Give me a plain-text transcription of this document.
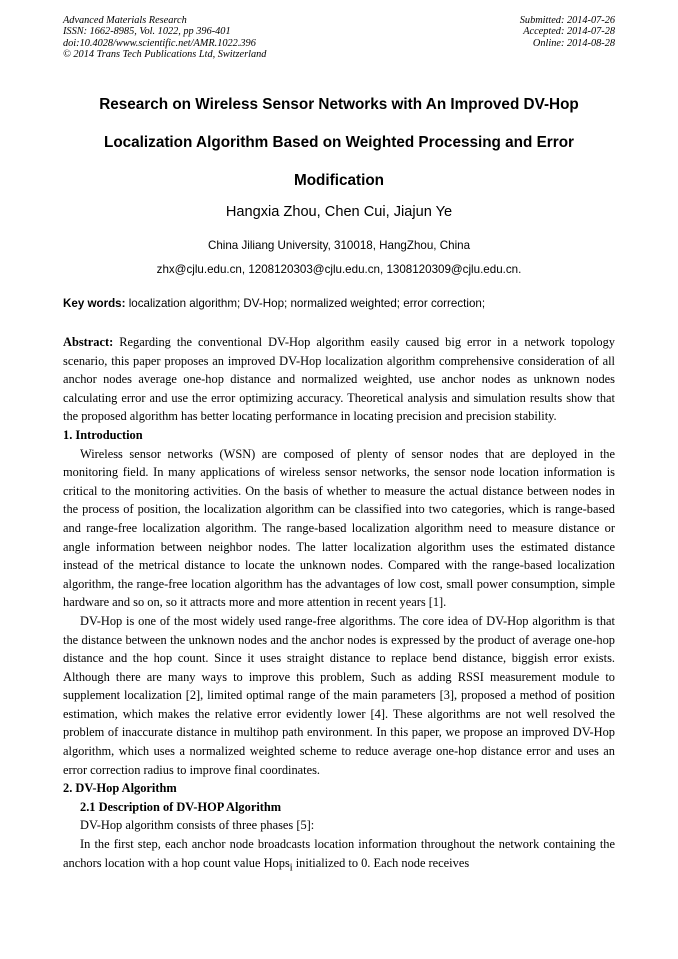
Advanced Materials Research
ISSN: 1662-8985, Vol. 1022, pp 396-401
doi:10.4028/www.scientific.net/AMR.1022.396
© 2014 Trans Tech Publications Ltd, Switzerland
Submitted: 2014-07-26
Accepted: 2014-07-28
Online: 2014-08-28
Research on Wireless Sensor Networks with An Improved DV-Hop
Localization Algorithm Based on Weighted Processing and Error
Modification
Hangxia Zhou, Chen Cui, Jiajun Ye
China Jiliang University, 310018, HangZhou, China
zhx@cjlu.edu.cn, 1208120303@cjlu.edu.cn, 1308120309@cjlu.edu.cn.
Key words: localization algorithm; DV-Hop; normalized weighted; error correction;

Abstract: Regarding the conventional DV-Hop algorithm easily caused big error in a network topology scenario, this paper proposes an improved DV-Hop localization algorithm comprehensive consideration of all anchor nodes average one-hop distance and normalized weighted, use anchor nodes as unknown nodes calculating error and use the error optimizing accuracy. Theoretical analysis and simulation results show that the proposed algorithm has better locating performance in locating precision and precision stability.

1. Introduction

Wireless sensor networks (WSN) are composed of plenty of sensor nodes that are deployed in the monitoring field. In many applications of wireless sensor networks, the sensor node location information is critical to the monitoring activities. On the basis of whether to measure the actual distance between nodes in the process of position, the localization algorithm can be classified into two categories, which is range-based and range-free localization algorithm. The range-based localization algorithm need to measure distance or angle information between neighbor nodes. The latter localization algorithm uses the estimated distance instead of the metrical distance to locate the unknown nodes. Compared with the range-based localization algorithm, the range-free location algorithm has the advantages of low cost, small power consumption, simple hardware and so on, so it attracts more and more attention in recent years [1].

DV-Hop is one of the most widely used range-free algorithms. The core idea of DV-Hop algorithm is that the distance between the unknown nodes and the anchor nodes is expressed by the product of average one-hop distance and the hop count. Since it uses straight distance to replace bend distance, biggish error exists. Although there are many ways to improve this problem, Such as adding RSSI measurement module to supplement localization [2], limited optimal range of the main parameters [3], proposed a method of position estimation, which makes the relative error evidently lower [4]. These algorithms are not well resolved the problem of inaccurate distance in multihop path environment. In this paper, we propose an improved DV-Hop algorithm, which uses a normalized weighted scheme to reduce average one-hop distance error and uses an error correction radius to improve final coordinates.

2. DV-Hop Algorithm

2.1 Description of DV-HOP Algorithm

DV-Hop algorithm consists of three phases [5]:

In the first step, each anchor node broadcasts location information throughout the network containing the anchors location with a hop count value Hops$_i$ initialized to 0. Each node receives
